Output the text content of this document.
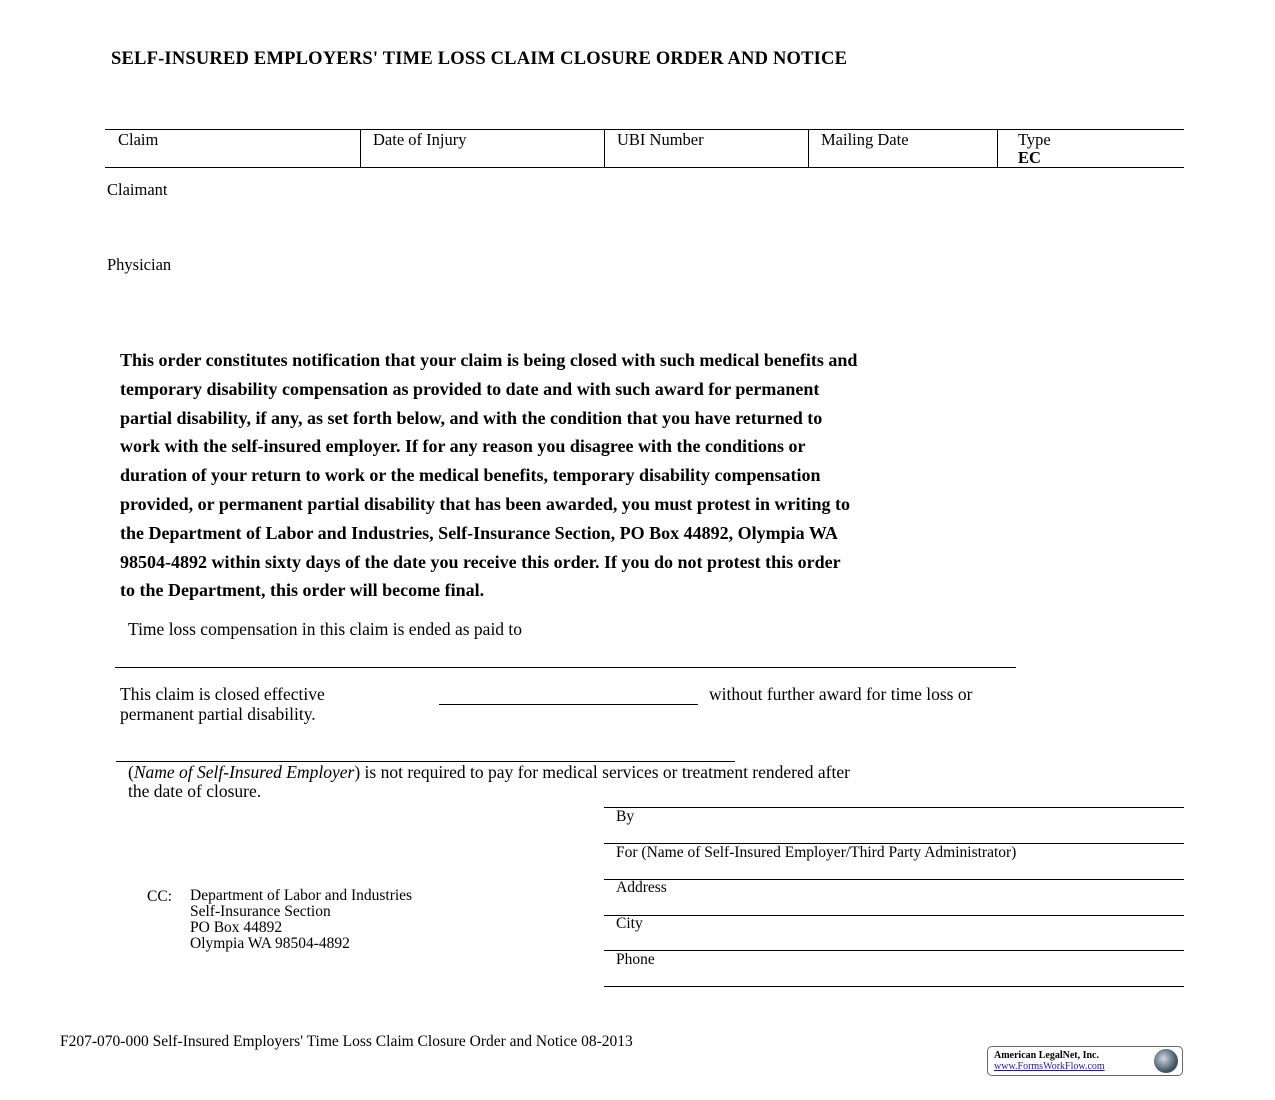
SELF-INSURED EMPLOYERS' TIME LOSS CLAIM CLOSURE ORDER AND NOTICE
Claim	Date of Injury	UBI Number	Mailing Date	Type
EC
Claimant
Physician
This order constitutes notification that your claim is being closed with such medical benefits and
temporary disability compensation as provided to date and with such award for permanent
partial disability, if any, as set forth below, and with the condition that you have returned to
work with the self-insured employer. If for any reason you disagree with the conditions or
duration of your return to work or the medical benefits, temporary disability compensation
provided, or permanent partial disability that has been awarded, you must protest in writing to
the Department of Labor and Industries, Self-Insurance Section, PO Box 44892, Olympia WA
98504-4892 within sixty days of the date you receive this order. If you do not protest this order
to the Department, this order will become final.
Time loss compensation in this claim is ended as paid to
This claim is closed effective	without further award for time loss or
permanent partial disability.
(Name of Self-Insured Employer) is not required to pay for medical services or treatment rendered after
the date of closure.
By
For (Name of Self-Insured Employer/Third Party Administrator)
Address
City
Phone
CC: Department of Labor and Industries
Self-Insurance Section
PO Box 44892
Olympia WA 98504-4892
F207-070-000 Self-Insured Employers' Time Loss Claim Closure Order and Notice 08-2013
American LegalNet, Inc.
www.FormsWorkFlow.com
